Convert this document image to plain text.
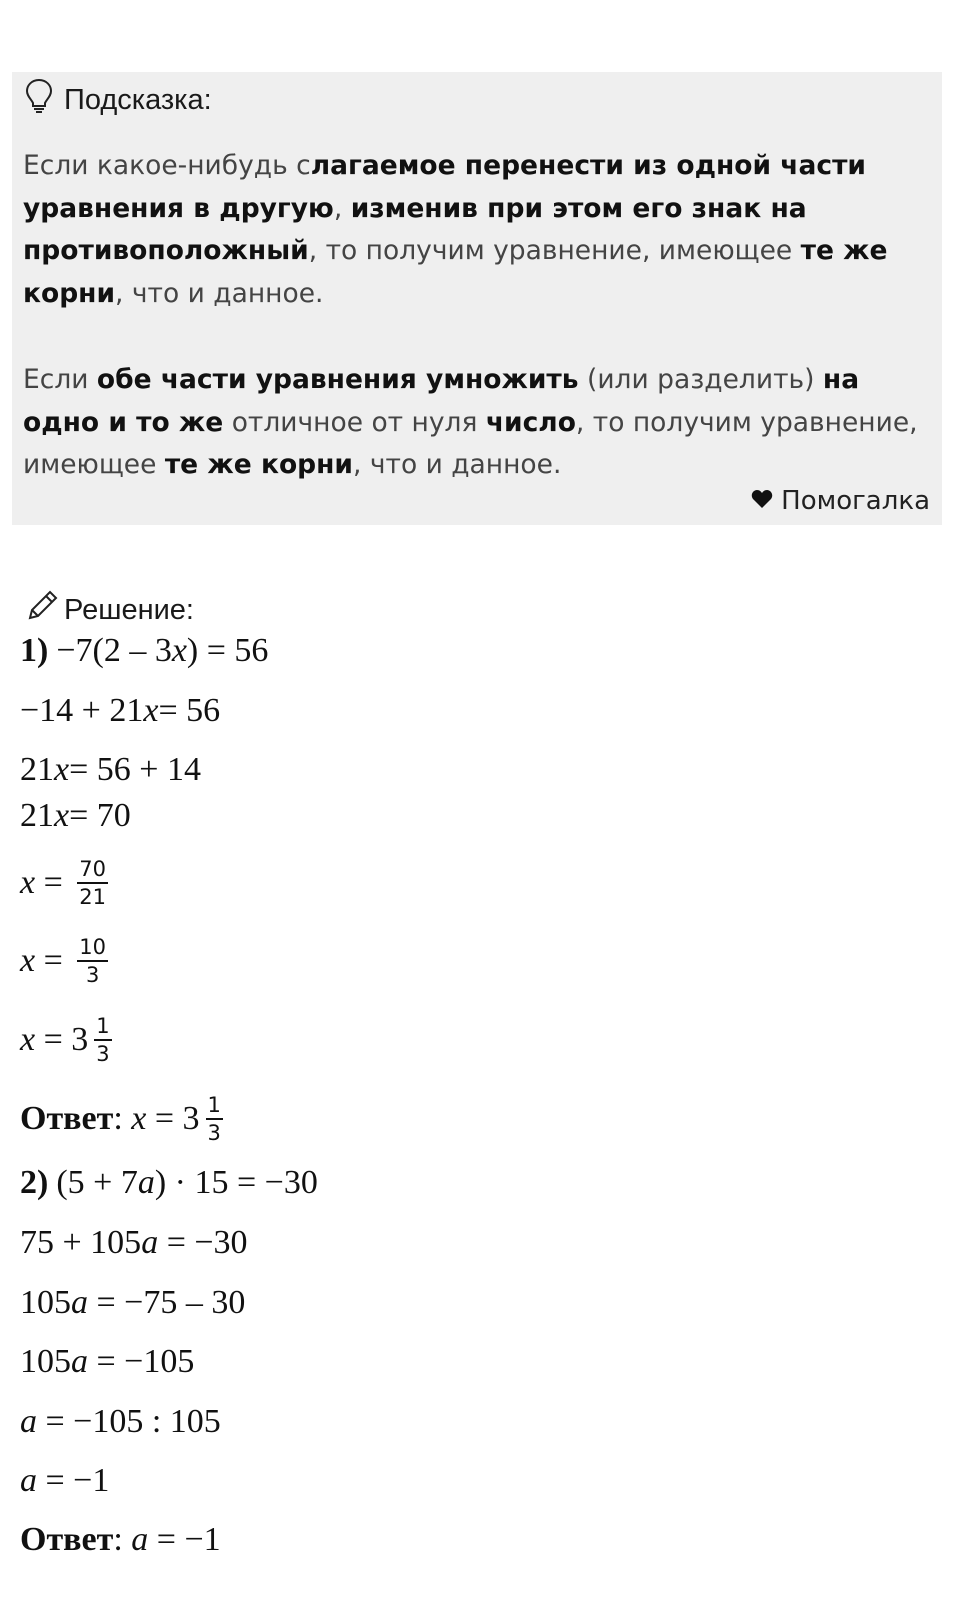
Подсказка:
Если какое-нибудь слагаемое перенести из одной части уравнения в другую, изменив при этом его знак на противоположный, то получим уравнение, имеющее те же корни, что и данное.
Если обе части уравнения умножить (или разделить) на одно и то же отличное от нуля число, то получим уравнение, имеющее те же корни, что и данное.
Помогалка
Решение:
1) −7(2 – 3 x ) = 56
−14 + 21 x = 56
21 x = 56 + 14
21 x = 70
$x = \frac{70}{21}$
$x = \frac{10}{3}$
$x = 3 \frac{1}{3}$
Ответ : $x = 3 \frac{1}{3}$
2) (5 + 7 a ) · 15 = −30
75 + 105 a = −30
105 a = −75 – 30
105 a = −105
a = −105 : 105
a = −1
Ответ : a = −1
